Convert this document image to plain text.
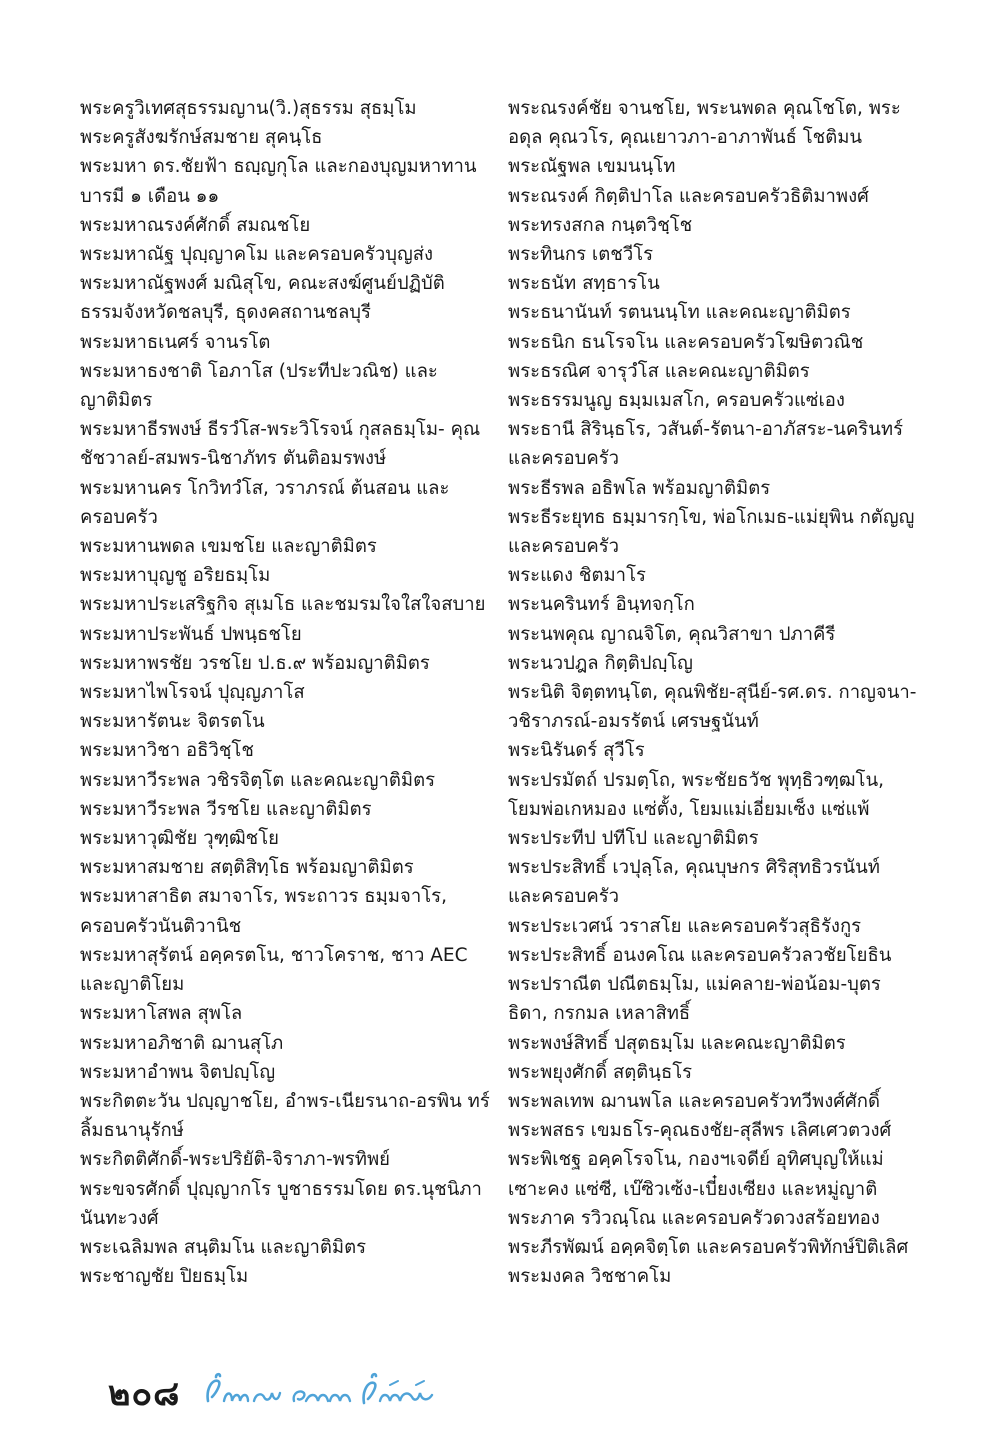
พระครูวิเทศสุธรรมญาน(วิ.)สุธรรม สุธมฺโม
พระครูสังฆรักษ์สมชาย สุคนฺโธ
พระมหา ดร.ชัยฟ้า ธญฺญกุโล และกองบุญมหาทาน บารมี ๑ เดือน ๑๑
พระมหาณรงค์ศักดิ์ สมณชโย
พระมหาณัฐ ปุญฺญาคโม และครอบครัวบุญส่ง
พระมหาณัฐพงศ์ มณิสุโข, คณะสงฆ์ศูนย์ปฏิบัติ ธรรมจังหวัดชลบุรี, ธุดงคสถานชลบุรี
พระมหาธเนศร์ จานรโต
พระมหาธงชาติ โอภาโส (ประทีปะวณิช) และ ญาติมิตร
พระมหาธีรพงษ์ ธีรวํโส-พระวิโรจน์ กุสลธมฺโม- คุณชัชวาลย์-สมพร-นิชาภัทร ตันติอมรพงษ์
พระมหานคร โกวิทวํโส, วราภรณ์ ต้นสอน และ ครอบครัว
พระมหานพดล เขมชโย และญาติมิตร
พระมหาบุญชู อริยธมฺโม
พระมหาประเสริฐกิจ สุเมโธ และชมรมใจใสใจสบาย
พระมหาประพันธ์ ปพนฺธชโย
พระมหาพรชัย วรชโย ป.ธ.๙ พร้อมญาติมิตร
พระมหาไพโรจน์ ปุญฺญภาโส
พระมหารัตนะ จิตรตโน
พระมหาวิชา อธิวิชฺโช
พระมหาวีระพล วชิรจิตฺโต และคณะญาติมิตร
พระมหาวีระพล วีรชโย และญาติมิตร
พระมหาวุฒิชัย วุฑฺฒิชโย
พระมหาสมชาย สตฺติสิทฺโธ พร้อมญาติมิตร
พระมหาสาธิต สมาจาโร, พระถาวร ธมฺมจาโร, ครอบครัวนันติวานิช
พระมหาสุรัตน์ อคฺครตโน, ชาวโคราช, ชาว AEC และญาติโยม
พระมหาโสพล สุพโล
พระมหาอภิชาติ ฌานสุโภ
พระมหาอำพน จิตปญฺโญ
พระกิตตะวัน ปญฺญาชโย, อำพร-เนียรนาถ-อรพิน ทร์ ลิ้มธนานุรักษ์
พระกิตติศักดิ์-พระปริยัติ-จิราภา-พรทิพย์
พระขจรศักดิ์ ปุญฺญากโร บูชาธรรมโดย ดร.นุชนิภา นันทะวงศ์
พระเฉลิมพล สนฺติมโน และญาติมิตร
พระชาญชัย ปิยธมฺโม
พระณรงค์ชัย จานชโย, พระนพดล คุณโชโต, พระ อดุล คุณวโร, คุณเยาวภา-อาภาพันธ์ โชติมน
พระณัฐพล เขมนนฺโท
พระณรงค์ กิตฺติปาโล และครอบครัวธิติมาพงศ์
พระทรงสกล กนฺตวิชฺโช
พระทินกร เตชวีโร
พระธนัท สทฺธารโน
พระธนานันท์ รตนนนฺโท และคณะญาติมิตร
พระธนิก ธนโรจโน และครอบครัวโฆษิตวณิช
พระธรณิศ จารุวํโส และคณะญาติมิตร
พระธรรมนูญ ธมฺมเมสโก, ครอบครัวแซ่เอง
พระธานี สิรินฺธโร, วสันต์-รัตนา-อาภัสระ-นครินทร์ และครอบครัว
พระธีรพล อธิพโล พร้อมญาติมิตร
พระธีระยุทธ ธมฺมารกฺโข, พ่อโกเมธ-แม่ยุพิน กตัญญู และครอบครัว
พระแดง ชิตมาโร
พระนครินทร์ อินฺทจกฺโก
พระนพคุณ ญาณจิโต, คุณวิสาขา ปภาคีรี
พระนวปฎล กิตฺติปญฺโญ
พระนิติ จิตฺตทนฺโต, คุณพิชัย-สุนีย์-รศ.ดร. กาญจนา-วชิราภรณ์-อมรรัตน์ เศรษฐนันท์
พระนิรันดร์ สุวีโร
พระปรมัตถ์ ปรมตฺโถ, พระชัยธวัช พุทฺธิวฑฺฒโน, โยมพ่อเกหมอง แซ่ตั้ง, โยมแม่เอี่ยมเซ็ง แซ่แพ้
พระประทีป ปทีโป และญาติมิตร
พระประสิทธิ์ เวปุลฺโล, คุณบุษกร ศิริสุทธิวรนันท์ และครอบครัว
พระประเวศน์ วราสโย และครอบครัวสุธิรังกูร
พระประสิทธิ์ อนงคโณ และครอบครัวลวชัยโยธิน
พระปราณีต ปณีตธมฺโม, แม่คลาย-พ่อน้อม-บุตร ธิดา, กรกมล เหลาสิทธิ์
พระพงษ์สิทธิ์ ปสุตธมฺโม และคณะญาติมิตร
พระพยุงศักดิ์ สตฺตินฺธโร
พระพลเทพ ฌานพโล และครอบครัวทวีพงศ์ศักดิ์
พระพสธร เขมธโร-คุณธงชัย-สุลีพร เลิศเศวตวงศ์
พระพิเชฐ อคฺคโรจโน, กองฯเจดีย์ อุทิศบุญให้แม่ เซาะคง แซ่ซี, เบ๊ซิวเซ้ง-เบี๋ยงเซียง และหมู่ญาติ
พระภาค รวิวณฺโณ และครอบครัวดวงสร้อยทอง
พระภีรพัฒน์ อคฺคจิตฺโต และครอบครัวพิทักษ์ปิติเลิศ
พระมงคล วิชชาคโม
๒๐๘
